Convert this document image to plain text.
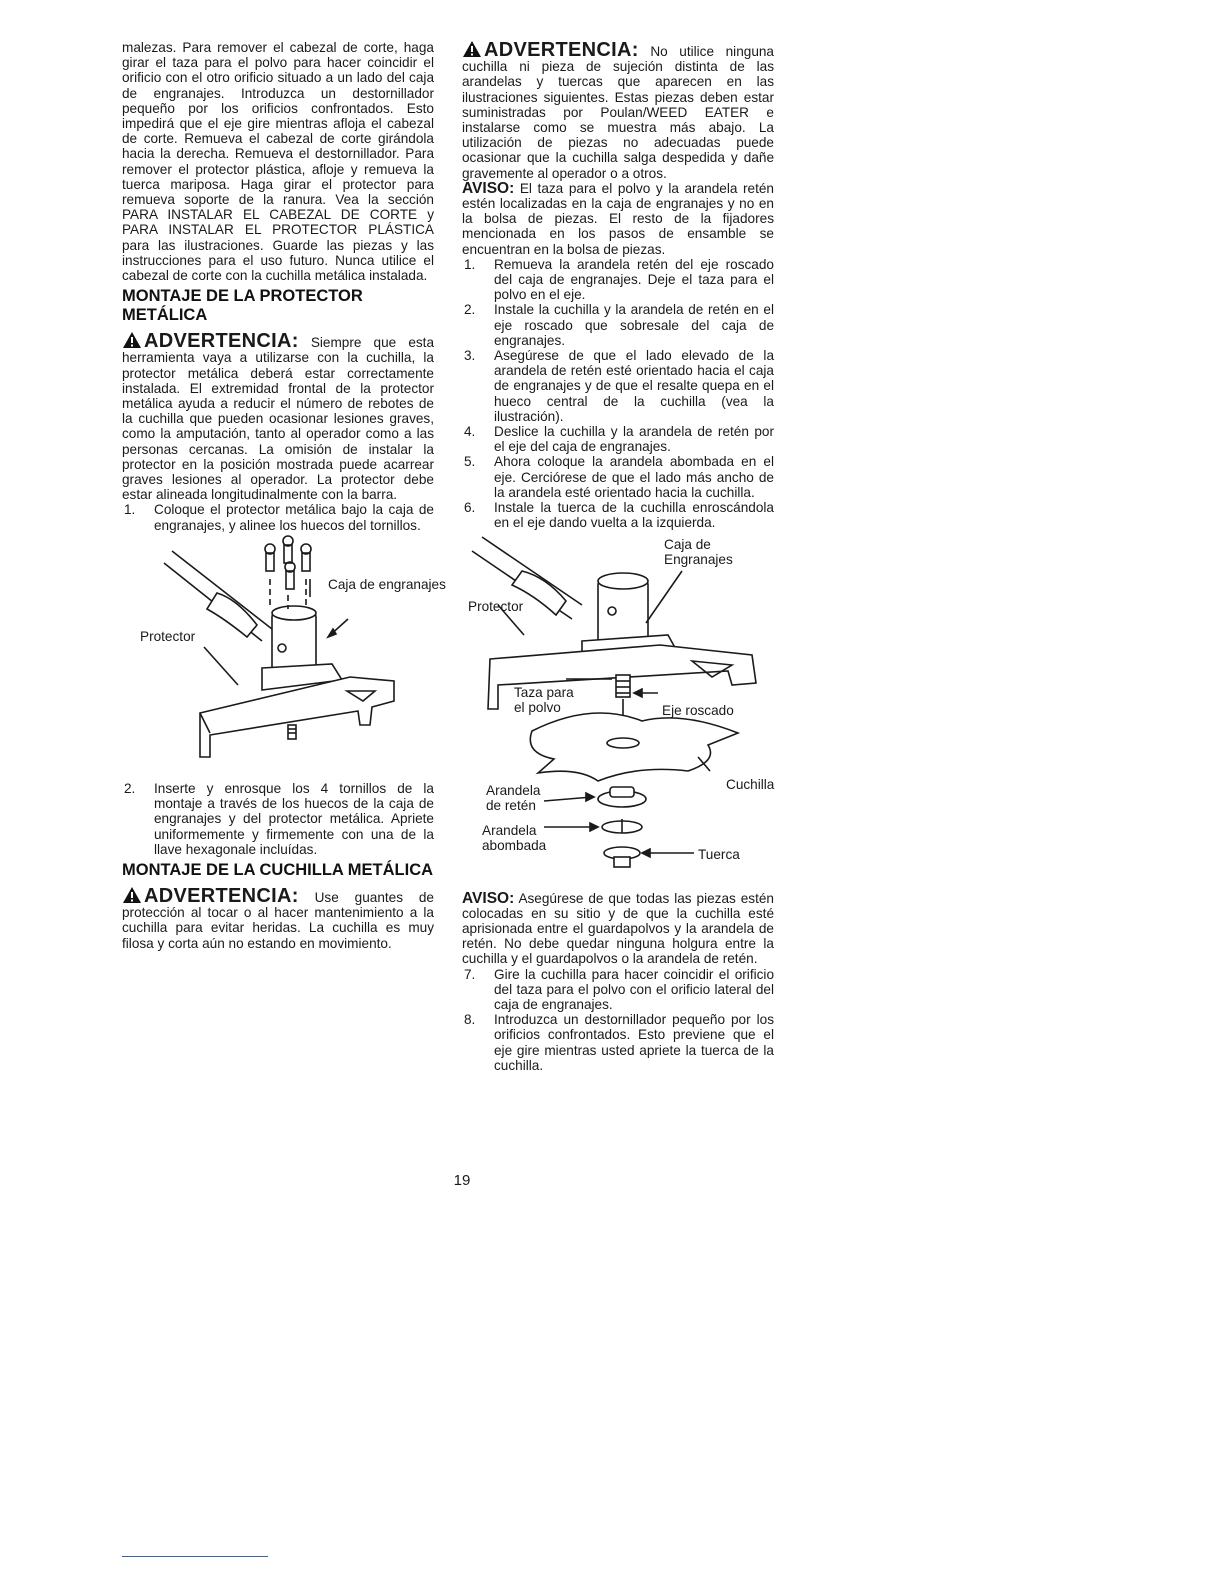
malezas. Para remover el cabezal de corte, haga girar el taza para el polvo para hacer coincidir el orificio con el otro orificio situado a un lado del caja de engranajes. Introduzca un destornillador pequeño por los orificios confrontados. Esto impedirá que el eje gire mientras afloja el cabezal de corte. Remueva el cabezal de corte girándola hacia la derecha. Remueva el destornillador. Para remover el protector plástica, afloje y remueva la tuerca mariposa. Haga girar el protector para remueva soporte de la ranura. Vea la sección PARA INSTALAR EL CABEZAL DE CORTE y PARA INSTALAR EL PROTECTOR PLÁSTICA para las ilustraciones. Guarde las piezas y las instrucciones para el uso futuro. Nunca utilice el cabezal de corte con la cuchilla metálica instalada.

MONTAJE DE LA PROTECTOR METÁLICA

ADVERTENCIA: Siempre que esta herramienta vaya a utilizarse con la cuchilla, la protector metálica deberá estar correctamente instalada. El extremidad frontal de la protector metálica ayuda a reducir el número de rebotes de la cuchilla que pueden ocasionar lesiones graves, como la amputación, tanto al operador como a las personas cercanas. La omisión de instalar la protector en la posición mostrada puede acarrear graves lesiones al operador. La protector debe estar alineada longitudinalmente con la barra.

1. Coloque el protector metálica bajo la caja de engranajes, y alinee los huecos del tornillos.
Caja de engranajes
Protector
2. Inserte y enrosque los 4 tornillos de la montaje a través de los huecos de la caja de engranajes y del protector metálica. Apriete uniformemente y firmemente con una de la llave hexagonale incluídas.
MONTAJE DE LA CUCHILLA METÁLICA

ADVERTENCIA: Use guantes de protección al tocar o al hacer mantenimiento a la cuchilla para evitar heridas. La cuchilla es muy filosa y corta aún no estando en movimiento.

ADVERTENCIA: No utilice ninguna cuchilla ni pieza de sujeción distinta de las arandelas y tuercas que aparecen en las ilustraciones siguientes. Estas piezas deben estar suministradas por Poulan/WEED EATER e instalarse como se muestra más abajo. La utilización de piezas no adecuadas puede ocasionar que la cuchilla salga despedida y dañe gravemente al operador o a otros.

AVISO: El taza para el polvo y la arandela retén estén localizadas en la caja de engranajes y no en la bolsa de piezas. El resto de la fijadores mencionada en los pasos de ensamble se encuentran en la bolsa de piezas.

1. Remueva la arandela retén del eje roscado del caja de engranajes. Deje el taza para el polvo en el eje.
2. Instale la cuchilla y la arandela de retén en el eje roscado que sobresale del caja de engranajes.
3. Asegúrese de que el lado elevado de la arandela de retén esté orientado hacia el caja de engranajes y de que el resalte quepa en el hueco central de la cuchilla (vea la ilustración).
4. Deslice la cuchilla y la arandela de retén por el eje del caja de engranajes.
5. Ahora coloque la arandela abombada en el eje. Cerciórese de que el lado más ancho de la arandela esté orientado hacia la cuchilla.
6. Instale la tuerca de la cuchilla enroscándola en el eje dando vuelta a la izquierda.
Caja de Engranajes
Protector
Taza para el polvo	Eje roscado
Cuchilla
Arandela de retén
Arandela abombada
Tuerca

AVISO: Asegúrese de que todas las piezas estén colocadas en su sitio y de que la cuchilla esté aprisionada entre el guardapolvos y la arandela de retén. No debe quedar ninguna holgura entre la cuchilla y el guardapolvos o la arandela de retén.

7. Gire la cuchilla para hacer coincidir el orificio del taza para el polvo con el orificio lateral del caja de engranajes.
8. Introduzca un destornillador pequeño por los orificios confrontados. Esto previene que el eje gire mientras usted apriete la tuerca de la cuchilla.
19
